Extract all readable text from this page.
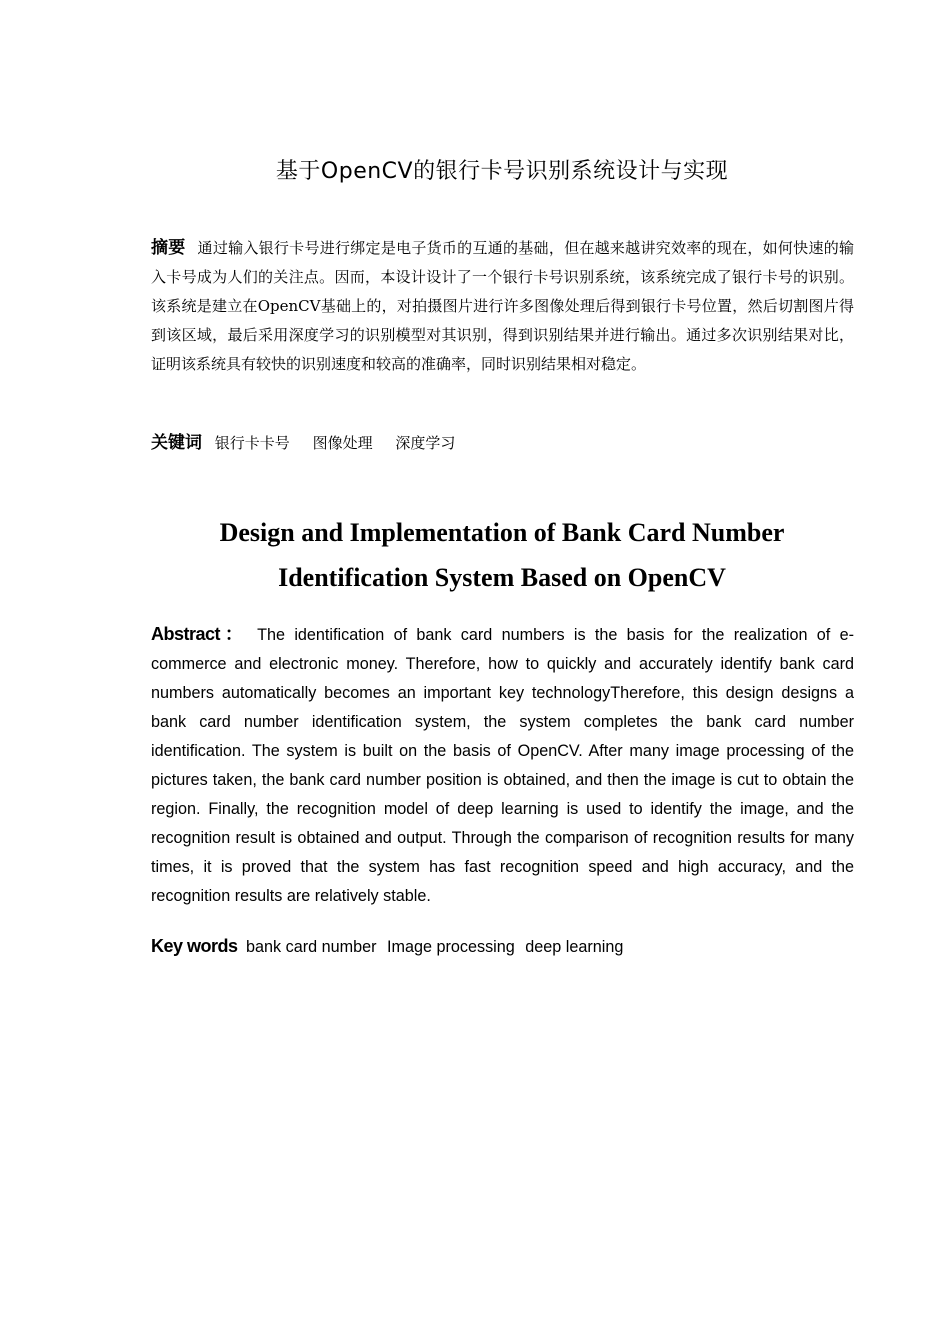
基于OpenCV的银行卡号识别系统设计与实现
摘要 通过输入银行卡号进行绑定是电子货币的互通的基础，但在越来越讲究效率的现在，如何快速的输入卡号成为人们的关注点。因而，本设计设计了一个银行卡号识别系统，该系统完成了银行卡号的识别。该系统是建立在OpenCV基础上的，对拍摄图片进行许多图像处理后得到银行卡号位置，然后切割图片得到该区域，最后采用深度学习的识别模型对其识别，得到识别结果并进行输出。通过多次识别结果对比，证明该系统具有较快的识别速度和较高的准确率，同时识别结果相对稳定。
关键词 银行卡卡号 图像处理 深度学习
Design and Implementation of Bank Card Number
Identification System Based on OpenCV
Abstract： The identification of bank card numbers is the basis for the realization of e-commerce and electronic money. Therefore, how to quickly and accurately identify bank card numbers automatically becomes an important key technologyTherefore, this design designs a bank card number identification system, the system completes the bank card number identification. The system is built on the basis of OpenCV. After many image processing of the pictures taken, the bank card number position is obtained, and then the image is cut to obtain the region. Finally, the recognition model of deep learning is used to identify the image, and the recognition result is obtained and output. Through the comparison of recognition results for many times, it is proved that the system has fast recognition speed and high accuracy, and the recognition results are relatively stable.
Key words bank card number Image processing deep learning
